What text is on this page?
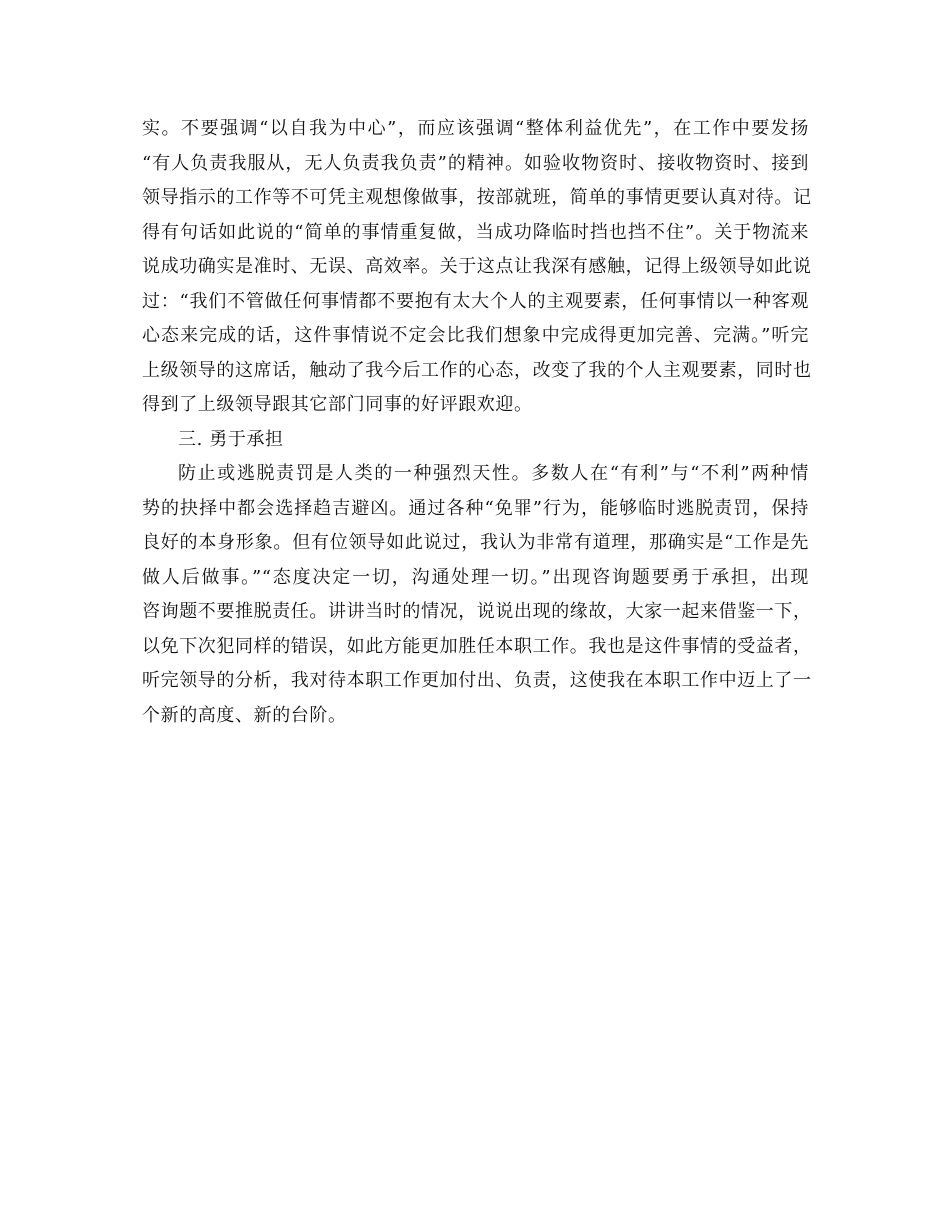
实。不要强调“以自我为中心”，而应该强调“整体利益优先”，在工作中要发扬
“有人负责我服从，无人负责我负责”的精神。如验收物资时、接收物资时、接到
领导指示的工作等不可凭主观想像做事，按部就班，简单的事情更要认真对待。记
得有句话如此说的“简单的事情重复做，当成功降临时挡也挡不住”。关于物流来
说成功确实是准时、无误、高效率。关于这点让我深有感触，记得上级领导如此说
过：“我们不管做任何事情都不要抱有太大个人的主观要素，任何事情以一种客观
心态来完成的话，这件事情说不定会比我们想象中完成得更加完善、完满。”听完
上级领导的这席话，触动了我今后工作的心态，改变了我的个人主观要素，同时也
得到了上级领导跟其它部门同事的好评跟欢迎。
三. 勇于承担
防止或逃脱责罚是人类的一种强烈天性。多数人在“有利”与“不利”两种情
势的抉择中都会选择趋吉避凶。通过各种“免罪”行为，能够临时逃脱责罚，保持
良好的本身形象。但有位领导如此说过，我认为非常有道理，那确实是“工作是先
做人后做事。”“态度决定一切，沟通处理一切。”出现咨询题要勇于承担，出现
咨询题不要推脱责任。讲讲当时的情况，说说出现的缘故，大家一起来借鉴一下，
以免下次犯同样的错误，如此方能更加胜任本职工作。我也是这件事情的受益者，
听完领导的分析，我对待本职工作更加付出、负责，这使我在本职工作中迈上了一
个新的高度、新的台阶。
